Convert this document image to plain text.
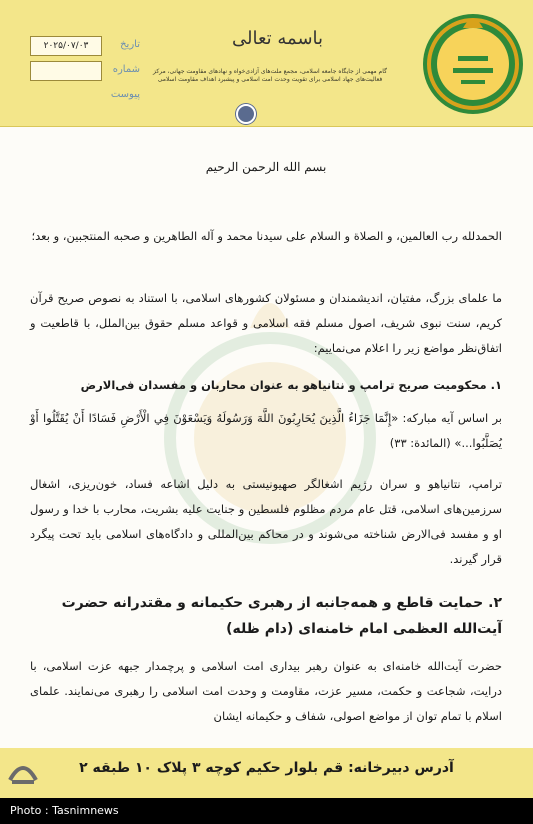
تاریخ
۲۰۲۵/۰۷/۰۳
شماره
پیوست
باسمه تعالی
گام مهمی از جایگاه جامعه اسلامی، مجمع ملت‌های آزادی‌خواه و نهادهای مقاومت جهانی، مرکز فعالیت‌های جهاد اسلامی برای تقویت وحدت امت اسلامی و پیشبرد اهداف مقاومت اسلامی
بسم الله الرحمن الرحیم
الحمدلله رب العالمین، و الصلاة و السلام علی سیدنا محمد و آله الطاهرین و صحبه المنتجبین، و بعد؛
ما علمای بزرگ، مفتیان، اندیشمندان و مسئولان کشورهای اسلامی، با استناد به نصوص صریح قرآن کریم، سنت نبوی شریف، اصول مسلم فقه اسلامی و قواعد مسلم حقوق بین‌الملل، با قاطعیت و اتفاق‌نظر مواضع زیر را اعلام می‌نماییم:
۱. محکومیت صریح ترامپ و نتانیاهو به عنوان محاربان و مفسدان فی‌الارض
بر اساس آیه مبارکه: «إِنَّمَا جَزَاءُ الَّذِينَ يُحَارِبُونَ اللَّهَ وَرَسُولَهُ وَيَسْعَوْنَ فِي الْأَرْضِ فَسَادًا أَنْ يُقَتَّلُوا أَوْ يُصَلَّبُوا...» (المائدة: ۳۳)
ترامپ، نتانیاهو و سران رژیم اشغالگر صهیونیستی به دلیل اشاعه فساد، خون‌ریزی، اشغال سرزمین‌های اسلامی، قتل عام مردم مظلوم فلسطین و جنایت علیه بشریت، محارب با خدا و رسول او و مفسد فی‌الارض شناخته می‌شوند و در محاکم بین‌المللی و دادگاه‌های اسلامی باید تحت پیگرد قرار گیرند.
۲. حمایت قاطع و همه‌جانبه از رهبری حکیمانه و مقتدرانه حضرت آیت‌الله العظمی امام خامنه‌ای (دام ظله)
حضرت آیت‌الله خامنه‌ای به عنوان رهبر بیداری امت اسلامی و پرچمدار جبهه عزت اسلامی، با درایت، شجاعت و حکمت، مسیر عزت، مقاومت و وحدت امت اسلامی را رهبری می‌نمایند. علمای اسلام با تمام توان از مواضع اصولی، شفاف و حکیمانه ایشان
آدرس دبیرخانه: قم بلوار حکیم کوچه ۳ پلاک ۱۰ طبقه ۲
Photo : Tasnimnews
